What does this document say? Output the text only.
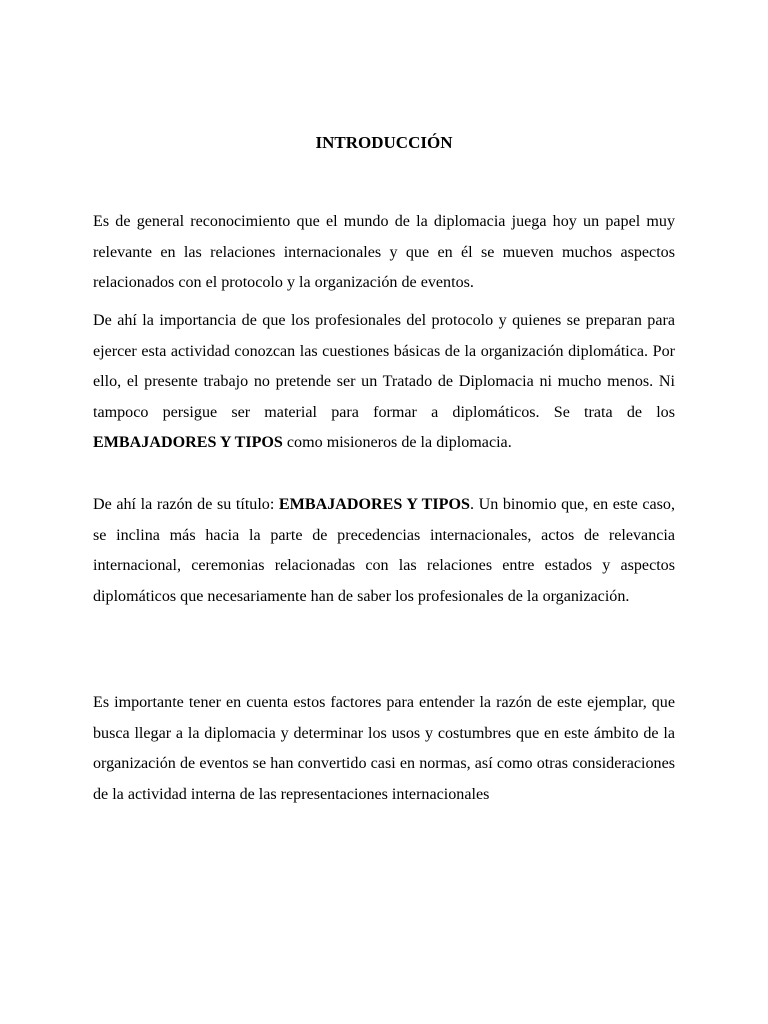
INTRODUCCIÓN

Es de general reconocimiento que el mundo de la diplomacia juega hoy un papel muy relevante en las relaciones internacionales y que en él se mueven muchos aspectos relacionados con el protocolo y la organización de eventos.

De ahí la importancia de que los profesionales del protocolo y quienes se preparan para ejercer esta actividad conozcan las cuestiones básicas de la organización diplomática. Por ello, el presente trabajo no pretende ser un Tratado de Diplomacia ni mucho menos. Ni tampoco persigue ser material para formar a diplomáticos. Se trata de los EMBAJADORES Y TIPOS como misioneros de la diplomacia.

De ahí la razón de su título: EMBAJADORES Y TIPOS. Un binomio que, en este caso, se inclina más hacia la parte de precedencias internacionales, actos de relevancia internacional, ceremonias relacionadas con las relaciones entre estados y aspectos diplomáticos que necesariamente han de saber los profesionales de la organización.

Es importante tener en cuenta estos factores para entender la razón de este ejemplar, que busca llegar a la diplomacia y determinar los usos y costumbres que en este ámbito de la organización de eventos se han convertido casi en normas, así como otras consideraciones de la actividad interna de las representaciones internacionales
